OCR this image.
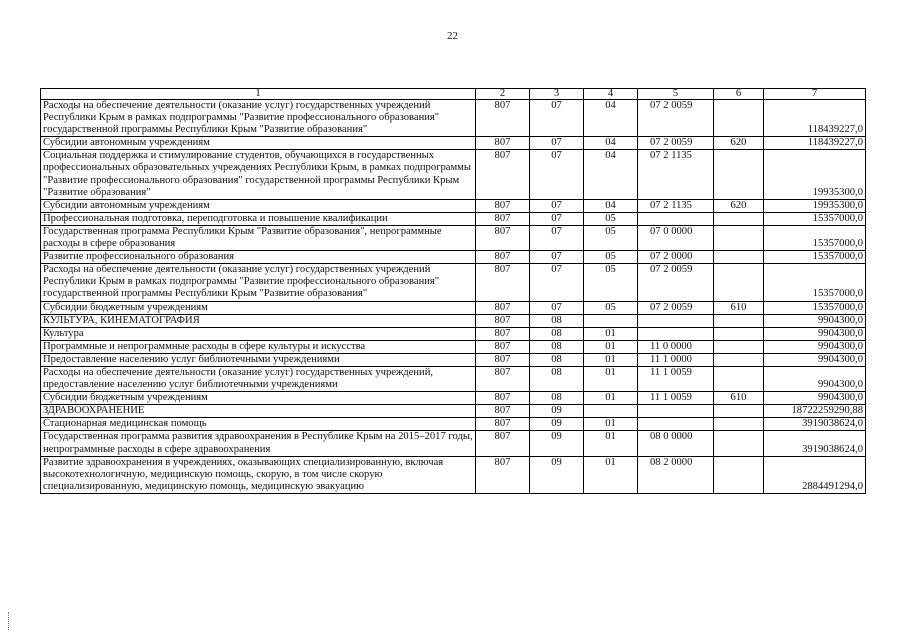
22
1	2	3	4	5	6	7
Расходы на обеспечение деятельности (оказание услуг) государственных учреждений Республики Крым в рамках подпрограммы "Развитие профессионального образования" государственной программы Республики Крым "Развитие образования"	807	07	04	07 2 0059		118439227,0
Субсидии автономным учреждениям	807	07	04	07 2 0059	620	118439227,0
Социальная поддержка и стимулирование студентов, обучающихся в государственных профессиональных образовательных учреждениях Республики Крым, в рамках подпрограммы "Развитие профессионального образования" государственной программы Республики Крым "Развитие образования"	807	07	04	07 2 1135		19935300,0
Субсидии автономным учреждениям	807	07	04	07 2 1135	620	19935300,0
Профессиональная подготовка, переподготовка и повышение квалификации	807	07	05			15357000,0
Государственная программа Республики Крым "Развитие образования", непрограммные расходы в сфере образования	807	07	05	07 0 0000		15357000,0
Развитие профессионального образования	807	07	05	07 2 0000		15357000,0
Расходы на обеспечение деятельности (оказание услуг) государственных учреждений Республики Крым в рамках подпрограммы "Развитие профессионального образования" государственной программы Республики Крым "Развитие образования"	807	07	05	07 2 0059		15357000,0
Субсидии бюджетным учреждениям	807	07	05	07 2 0059	610	15357000,0
КУЛЬТУРА, КИНЕМАТОГРАФИЯ	807	08				9904300,0
Культура	807	08	01			9904300,0
Программные и непрограммные расходы в сфере культуры и искусства	807	08	01	11 0 0000		9904300,0
Предоставление населению услуг библиотечными учреждениями	807	08	01	11 1 0000		9904300,0
Расходы на обеспечение деятельности (оказание услуг) государственных учреждений, предоставление населению услуг библиотечными учреждениями	807	08	01	11 1 0059		9904300,0
Субсидии бюджетным учреждениям	807	08	01	11 1 0059	610	9904300,0
ЗДРАВООХРАНЕНИЕ	807	09				18722259290,88
Стационарная медицинская помощь	807	09	01			3919038624,0
Государственная программа развития здравоохранения в Республике Крым на 2015–2017 годы, непрограммные расходы в сфере здравоохранения	807	09	01	08 0 0000		3919038624,0
Развитие здравоохранения в учреждениях, оказывающих специализированную, включая высокотехнологичную, медицинскую помощь, скорую, в том числе скорую специализированную, медицинскую помощь, медицинскую эвакуацию	807	09	01	08 2 0000		2884491294,0
